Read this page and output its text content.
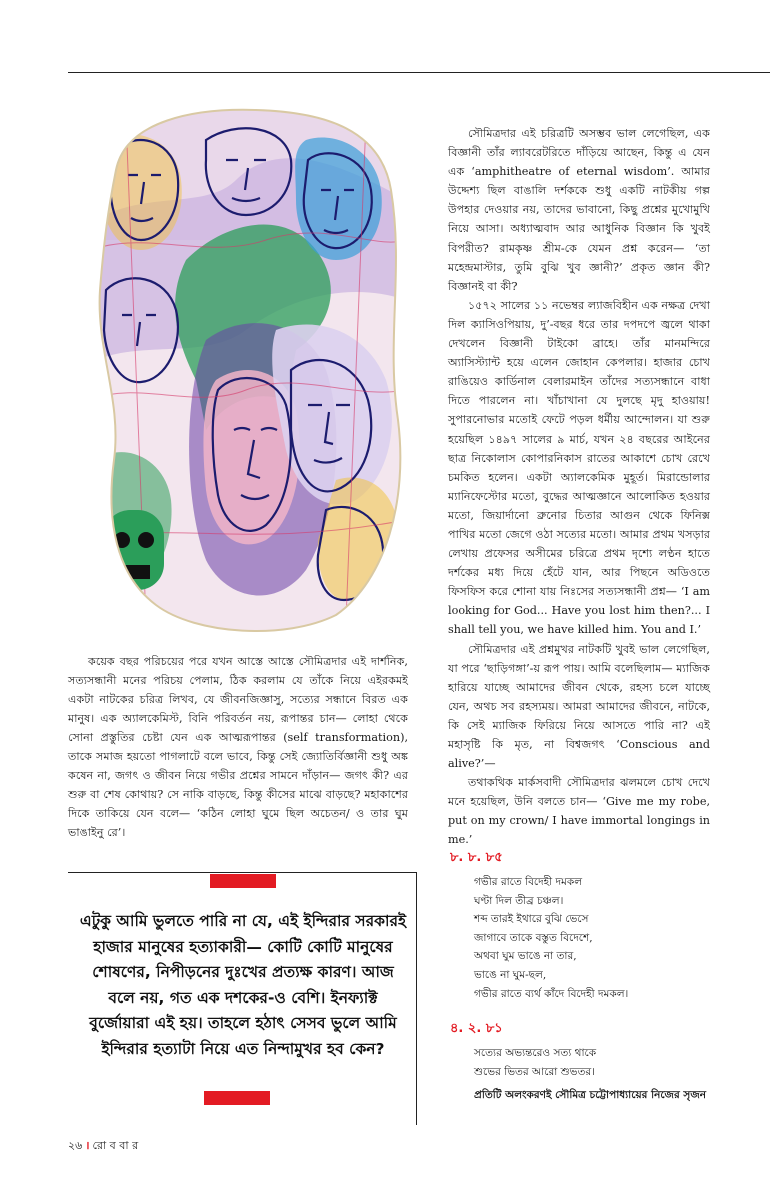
কয়েক বছর পরিচয়ের পরে যখন আস্তে আস্তে সৌমিত্রদার এই দার্শনিক, সত্যসন্ধানী মনের পরিচয় পেলাম, ঠিক করলাম যে তাঁকে নিয়ে এইরকমই একটা নাটকের চরিত্র লিখব, যে জীবনজিজ্ঞাসু, সত্যের সন্ধানে বিরত এক মানুষ। এক অ্যালকেমিস্ট, বিনি পরিবর্তন নয়, রূপান্তর চান— লোহা থেকে সোনা প্রস্তুতির চেষ্টা যেন এক আত্মরূপান্তর (self transformation), তাকে সমাজ হয়তো পাগলাটে বলে ভাবে, কিন্তু সেই জ্যোতির্বিজ্ঞানী শুধু অঙ্ক কষেন না, জগৎ ও জীবন নিয়ে গভীর প্রশ্নের সামনে দাঁড়ান— জগৎ কী? এর শুরু বা শেষ কোথায়? সে নাকি বাড়ছে, কিন্তু কীসের মাঝে বাড়ছে? মহাকাশের দিকে তাকিয়ে যেন বলে— ‘কঠিন লোহা ঘুমে ছিল অচেতন/ ও তার ঘুম ভাঙাইনু রে’।

সৌমিত্রদার এই চরিত্রটি অসম্ভব ভাল লেগেছিল, এক বিজ্ঞানী তাঁর ল্যাবরেটরিতে দাঁড়িয়ে আছেন, কিন্তু এ যেন এক ‘amphitheatre of eternal wisdom’. আমার উদ্দেশ্য ছিল বাঙালি দর্শককে শুধু একটি নাটকীয় গল্প উপহার দেওয়ার নয়, তাদের ভাবানো, কিছু প্রশ্নের মুখোমুখি নিয়ে আসা। অধ্যাত্মবাদ আর আধুনিক বিজ্ঞান কি খুবই বিপরীত? রামকৃষ্ণ শ্রীম-কে যেমন প্রশ্ন করেন— ‘তা মহেন্দ্রমাস্টার, তুমি বুঝি খুব জ্ঞানী?’ প্রকৃত জ্ঞান কী? বিজ্ঞানই বা কী?

১৫৭২ সালের ১১ নভেম্বর ল্যাজবিহীন এক নক্ষত্র দেখা দিল ক্যাসিওপিয়ায়, দু’-বছর ধরে তার দপদপে জ্বলে থাকা দেখলেন বিজ্ঞানী টাইকো ব্রাহে। তাঁর মানমন্দিরে অ্যাসিস্ট্যান্ট হয়ে এলেন জোহান কেপলার। হাজার চোখ রাঙিয়েও কার্ডিনাল বেলারমাইন তাঁদের সত্যসন্ধানে বাধা দিতে পারলেন না। খাঁচাখানা যে দুলছে মৃদু হাওয়ায়! সুপারনোভার মতোই ফেটে পড়ল ধর্মীয় আন্দোলন। যা শুরু হয়েছিল ১৪৯৭ সালের ৯ মার্চ, যখন ২৪ বছরের আইনের ছাত্র নিকোলাস কোপারনিকাস রাতের আকাশে চোখ রেখে চমকিত হলেন। একটা অ্যালকেমিক মুহূর্ত। মিরান্ডোলার ম্যানিফেস্টোর মতো, বুদ্ধের আত্মজ্ঞানে আলোকিত হওয়ার মতো, জিয়ার্দানো ব্রুনোর চিতার আগুন থেকে ফিনিক্স পাখির মতো জেগে ওঠা সত্যের মতো। আমার প্রথম খসড়ার লেখায় প্রফেসর অসীমের চরিত্রে প্রথম দৃশ্যে লণ্ঠন হাতে দর্শকের মধ্য দিয়ে হেঁটে যান, আর পিছনে অডিওতে ফিসফিস করে শোনা যায় নিঃসের সত্যসন্ধানী প্রশ্ন— ‘I am looking for God... Have you lost him then?... I shall tell you, we have killed him. You and I.’

সৌমিত্রদার এই প্রশ্নমুখর নাটকটি খুবই ভাল লেগেছিল, যা পরে ‘ছাড়িগঙ্গা’-য় রূপ পায়। আমি বলেছিলাম— ম্যাজিক হারিয়ে যাচ্ছে আমাদের জীবন থেকে, রহস্য চলে যাচ্ছে যেন, অথচ সব রহস্যময়। আমরা আমাদের জীবনে, নাটকে, কি সেই ম্যাজিক ফিরিয়ে নিয়ে আসতে পারি না? এই মহাসৃষ্টি কি মৃত, না বিশ্বজগৎ ‘Conscious and alive?’—

তথাকথিক মার্কসবাদী সৌমিত্রদার ঝলমলে চোখ দেখে মনে হয়েছিল, উনি বলতে চান— ‘Give me my robe, put on my crown/ I have immortal longings in me.’

এটুকু আমি ভুলতে পারি না যে, এই ইন্দিরার সরকারই হাজার মানুষের হত্যাকারী— কোটি কোটি মানুষের শোষণের, নিপীড়নের দুঃখের প্রত্যক্ষ কারণ। আজ বলে নয়, গত এক দশকের-ও বেশি। ইনফ্যাক্ট বুর্জোয়ারা এই হয়। তাহলে হঠাৎ সেসব ভুলে আমি ইন্দিরার হত্যাটা নিয়ে এত নিন্দামুখর হব কেন?
৮. ৮. ৮৫
গভীর রাতে বিদেহী দমকল
ঘণ্টা দিল তীব্র চঞ্চল।
শব্দ তারই ইথারে বুঝি ভেসে
জাগাবে তাকে বস্তুত বিদেশে,
অথবা ঘুম ভাঙে না তার,
ভাঙে না ঘুম-ছল,
গভীর রাতে ব্যর্থ কাঁদে বিদেহী দমকল।
৪. ২. ৮১
সত্যের অভ্যন্তরেও সত্য থাকে
শুভের ভিতর আরো শুভতর।
প্রতিটি অলংকরণই সৌমিত্র চট্টোপাধ্যায়ের নিজের সৃজন
২৬ । রো ব বা র
